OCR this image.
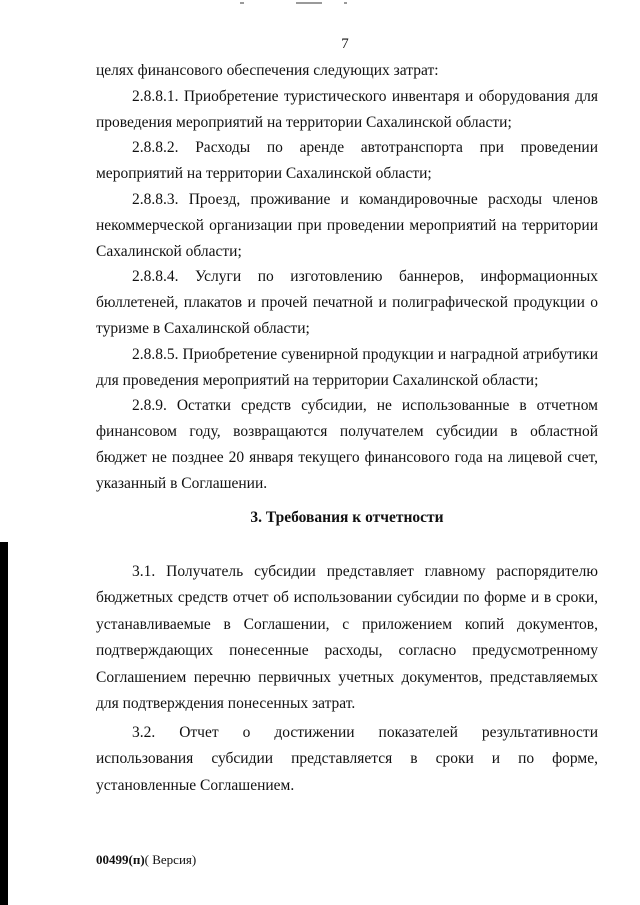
7

целях финансового обеспечения следующих затрат:

2.8.8.1. Приобретение туристического инвентаря и оборудования для проведения мероприятий на территории Сахалинской области;

2.8.8.2. Расходы по аренде автотранспорта при проведении мероприятий на территории Сахалинской области;

2.8.8.3. Проезд, проживание и командировочные расходы членов некоммерческой организации при проведении мероприятий на территории Сахалинской области;

2.8.8.4. Услуги по изготовлению баннеров, информационных бюллетеней, плакатов и прочей печатной и полиграфической продукции о туризме в Сахалинской области;

2.8.8.5. Приобретение сувенирной продукции и наградной атрибутики для проведения мероприятий на территории Сахалинской области;

2.8.9. Остатки средств субсидии, не использованные в отчетном финансовом году, возвращаются получателем субсидии в областной бюджет не позднее 20 января текущего финансового года на лицевой счет, указанный в Соглашении.

3. Требования к отчетности

3.1. Получатель субсидии представляет главному распорядителю бюджетных средств отчет об использовании субсидии по форме и в сроки, устанавливаемые в Соглашении, с приложением копий документов, подтверждающих понесенные расходы, согласно предусмотренному Соглашением перечню первичных учетных документов, представляемых для подтверждения понесенных затрат.

3.2. Отчет о достижении показателей результативности использования субсидии представляется в сроки и по форме, установленные Соглашением.

00499(п)( Версия)
